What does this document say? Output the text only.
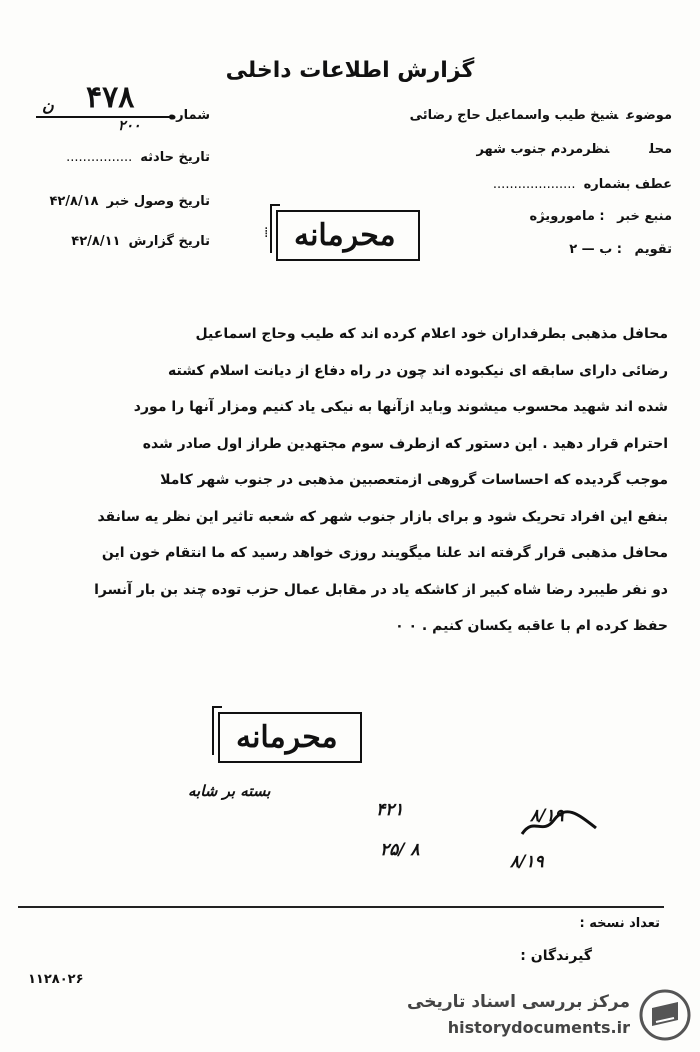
گزارش اطلاعات داخلی
موضوعشیخ طیب واسماعیل حاج رضائی
محلنظرمردم جنوب شهر
عطف بشماره....................
منبع خبر : مامورویژه
تقویم : ب — ۲
شماره
۴۷۸
ن
۲۰۰
تاریخ حادثه................
تاریخ وصول خبر۴۲/۸/۱۸
تاریخ گزارش۴۲/۸/۱۱	محرمانه
⁞

محافل مذهبی بطرفداران خود اعلام کرده اند که طیب وحاج اسماعیل

رضائی دارای سابقه ای نیکبوده اند چون در راه دفاع از دیانت اسلام کشته

شده اند شهید محسوب میشوند وباید ازآنها به نیکی یاد کنیم ومزار آنها را مورد

احترام قرار دهید . این دستور که ازطرف سوم مجتهدین طراز اول صادر شده

موجب گردیده که احساسات گروهی ازمتعصبین مذهبی در جنوب شهر کاملا

بنفع این افراد تحریک شود و برای بازار جنوب شهر که شعبه تاثیر این نظر یه سانقد

محافل مذهبی قرار گرفته اند علنا میگویند روزی خواهد رسید که ما انتقام خون این

دو نفر طیبرد رضا شاه کبیر از کاشکه یاد در مقابل عمال حزب توده چند بن بار آنسرا

حفظ کرده ام با عاقبه یکسان کنیم . ۰ ۰

محرمانه
بسته بر شابه
۴۲۱
۲۵/ ۸
۸/۱۹
۸/۱۹
تعداد نسخه :
گیرندگان :
۱۱۲۸۰۲۶
مرکز بررسی اسناد تاریخی
historydocuments.ir
